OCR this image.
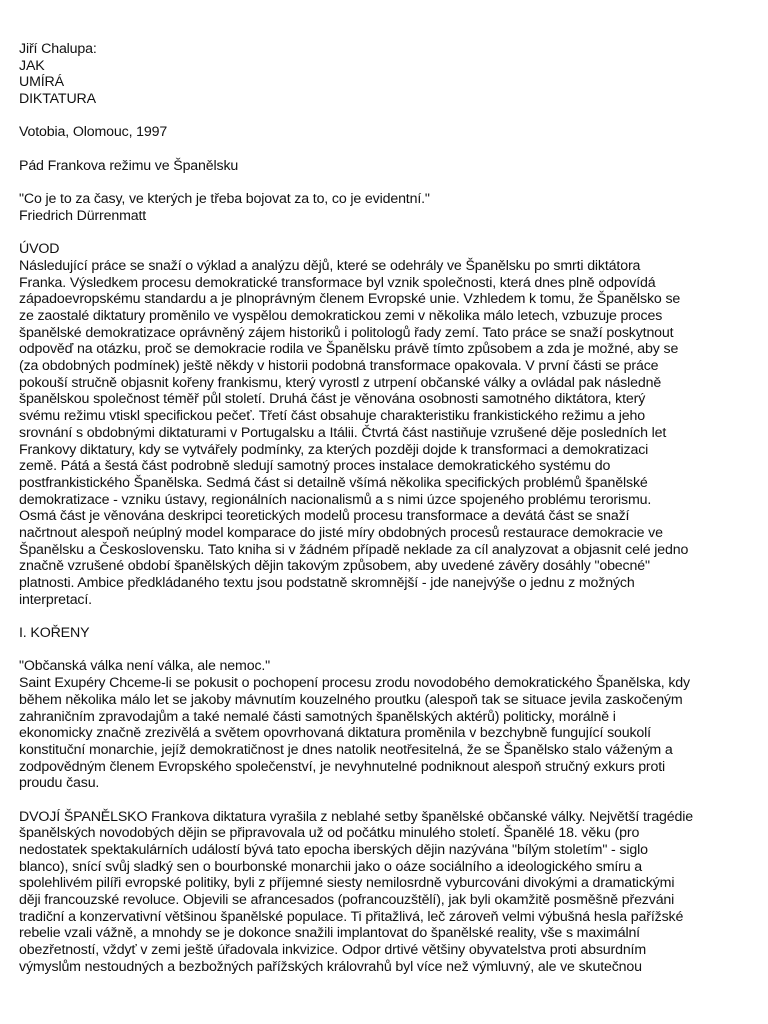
Jiří Chalupa:
JAK
UMÍRÁ
DIKTATURA
Votobia, Olomouc, 1997
Pád Frankova režimu ve Španělsku
"Co je to za časy, ve kterých je třeba bojovat za to, co je evidentní."
Friedrich Dürrenmatt
ÚVOD
Následující práce se snaží o výklad a analýzu dějů, které se odehrály ve Španělsku po smrti diktátora
Franka. Výsledkem procesu demokratické transformace byl vznik společnosti, která dnes plně odpovídá
západoevropskému standardu a je plnoprávným členem Evropské unie. Vzhledem k tomu, že Španělsko se
ze zaostalé diktatury proměnilo ve vyspělou demokratickou zemi v několika málo letech, vzbuzuje proces
španělské demokratizace oprávněný zájem historiků i politologů řady zemí. Tato práce se snaží poskytnout
odpověď na otázku, proč se demokracie rodila ve Španělsku právě tímto způsobem a zda je možné, aby se
(za obdobných podmínek) ještě někdy v historii podobná transformace opakovala. V první části se práce
pokouší stručně objasnit kořeny frankismu, který vyrostl z utrpení občanské války a ovládal pak následně
španělskou společnost téměř půl století. Druhá část je věnována osobnosti samotného diktátora, který
svému režimu vtiskl specifickou pečeť. Třetí část obsahuje charakteristiku frankistického režimu a jeho
srovnání s obdobnými diktaturami v Portugalsku a Itálii. Čtvrtá část nastiňuje vzrušené děje posledních let
Frankovy diktatury, kdy se vytvářely podmínky, za kterých později dojde k transformaci a demokratizaci
země. Pátá a šestá část podrobně sledují samotný proces instalace demokratického systému do
postfrankistického Španělska. Sedmá část si detailně všímá několika specifických problémů španělské
demokratizace - vzniku ústavy, regionálních nacionalismů a s nimi úzce spojeného problému terorismu.
Osmá část je věnována deskripci teoretických modelů procesu transformace a devátá část se snaží
načrtnout alespoň neúplný model komparace do jisté míry obdobných procesů restaurace demokracie ve
Španělsku a Československu. Tato kniha si v žádném případě neklade za cíl analyzovat a objasnit celé jedno
značně vzrušené období španělských dějin takovým způsobem, aby uvedené závěry dosáhly "obecné"
platnosti. Ambice předkládaného textu jsou podstatně skromnější - jde nanejvýše o jednu z možných
interpretací.
I. KOŘENY
"Občanská válka není válka, ale nemoc."
Saint Exupéry Chceme-li se pokusit o pochopení procesu zrodu novodobého demokratického Španělska, kdy
během několika málo let se jakoby mávnutím kouzelného proutku (alespoň tak se situace jevila zaskočeným
zahraničním zpravodajům a také nemalé části samotných španělských aktérů) politicky, morálně i
ekonomicky značně zrezivělá a světem opovrhovaná diktatura proměnila v bezchybně fungující soukolí
konstituční monarchie, jejíž demokratičnost je dnes natolik neotřesitelná, že se Španělsko stalo váženým a
zodpovědným členem Evropského společenství, je nevyhnutelné podniknout alespoň stručný exkurs proti
proudu času.
DVOJÍ ŠPANĚLSKO Frankova diktatura vyrašila z neblahé setby španělské občanské války. Největší tragédie
španělských novodobých dějin se připravovala už od počátku minulého století. Španělé 18. věku (pro
nedostatek spektakulárních událostí bývá tato epocha iberských dějin nazývána "bílým stoletím" - siglo
blanco), snící svůj sladký sen o bourbonské monarchii jako o oáze sociálního a ideologického smíru a
spolehlivém pilíři evropské politiky, byli z příjemné siesty nemilosrdně vyburcováni divokými a dramatickými
ději francouzské revoluce. Objevili se afrancesados (pofrancouzštělí), jak byli okamžitě posměšně přezváni
tradiční a konzervativní většinou španělské populace. Ti přitažlivá, leč zároveň velmi výbušná hesla pařížské
rebelie vzali vážně, a mnohdy se je dokonce snažili implantovat do španělské reality, vše s maximální
obezřetností, vždyť v zemi ještě úřadovala inkvizice. Odpor drtivé většiny obyvatelstva proti absurdním
výmyslům nestoudných a bezbožných pařížských královrahů byl více než výmluvný, ale ve skutečnou
